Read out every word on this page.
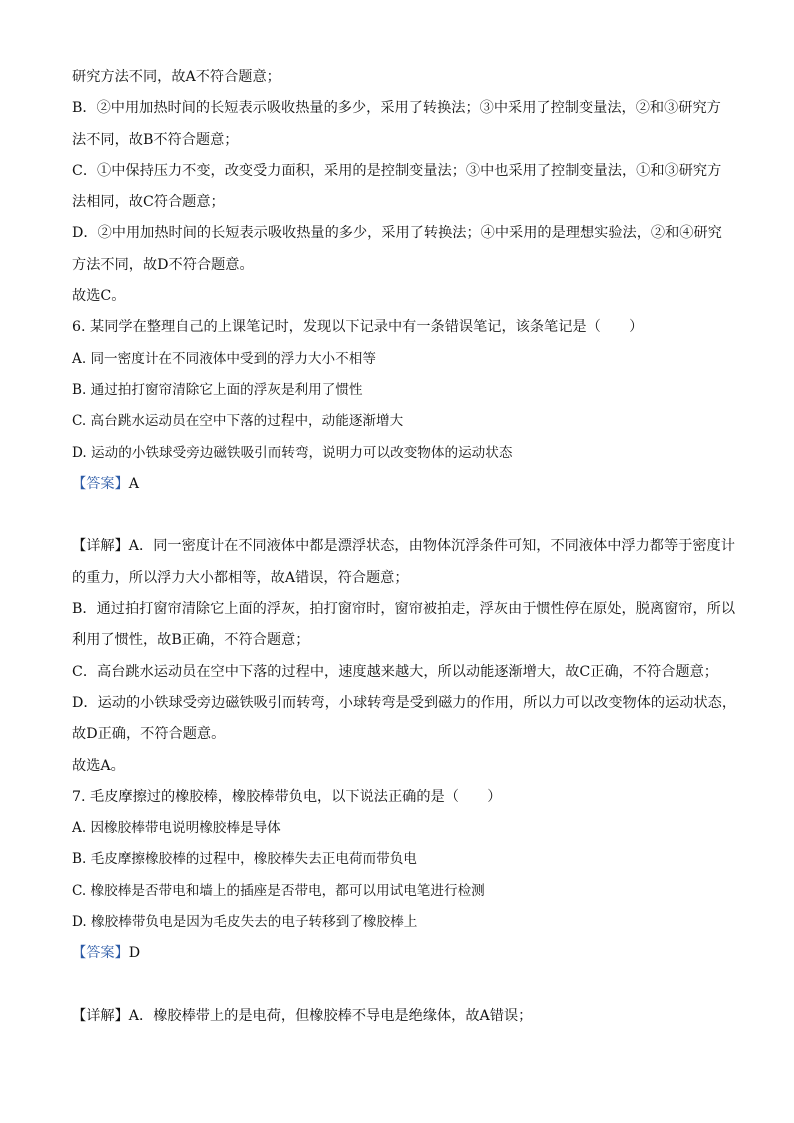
研究方法不同，故A不符合题意；
B．②中用加热时间的长短表示吸收热量的多少，采用了转换法；③中采用了控制变量法，②和③研究方
法不同，故B不符合题意；
C．①中保持压力不变，改变受力面积，采用的是控制变量法；③中也采用了控制变量法，①和③研究方
法相同，故C符合题意；
D．②中用加热时间的长短表示吸收热量的多少，采用了转换法；④中采用的是理想实验法，②和④研究
方法不同，故D不符合题意。
故选C。
6. 某同学在整理自己的上课笔记时，发现以下记录中有一条错误笔记，该条笔记是（　　）
A. 同一密度计在不同液体中受到的浮力大小不相等
B. 通过拍打窗帘清除它上面的浮灰是利用了惯性
C. 高台跳水运动员在空中下落的过程中，动能逐渐增大
D. 运动的小铁球受旁边磁铁吸引而转弯，说明力可以改变物体的运动状态
【答案】A
【详解】A．同一密度计在不同液体中都是漂浮状态，由物体沉浮条件可知，不同液体中浮力都等于密度计
的重力，所以浮力大小都相等，故A错误，符合题意；
B．通过拍打窗帘清除它上面的浮灰，拍打窗帘时，窗帘被拍走，浮灰由于惯性停在原处，脱离窗帘，所以
利用了惯性，故B正确，不符合题意；
C．高台跳水运动员在空中下落的过程中，速度越来越大，所以动能逐渐增大，故C正确，不符合题意；
D．运动的小铁球受旁边磁铁吸引而转弯，小球转弯是受到磁力的作用，所以力可以改变物体的运动状态，
故D正确，不符合题意。
故选A。
7. 毛皮摩擦过的橡胶棒，橡胶棒带负电，以下说法正确的是（　　）
A. 因橡胶棒带电说明橡胶棒是导体
B. 毛皮摩擦橡胶棒的过程中，橡胶棒失去正电荷而带负电
C. 橡胶棒是否带电和墙上的插座是否带电，都可以用试电笔进行检测
D. 橡胶棒带负电是因为毛皮失去的电子转移到了橡胶棒上
【答案】D
【详解】A．橡胶棒带上的是电荷，但橡胶棒不导电是绝缘体，故A错误；
